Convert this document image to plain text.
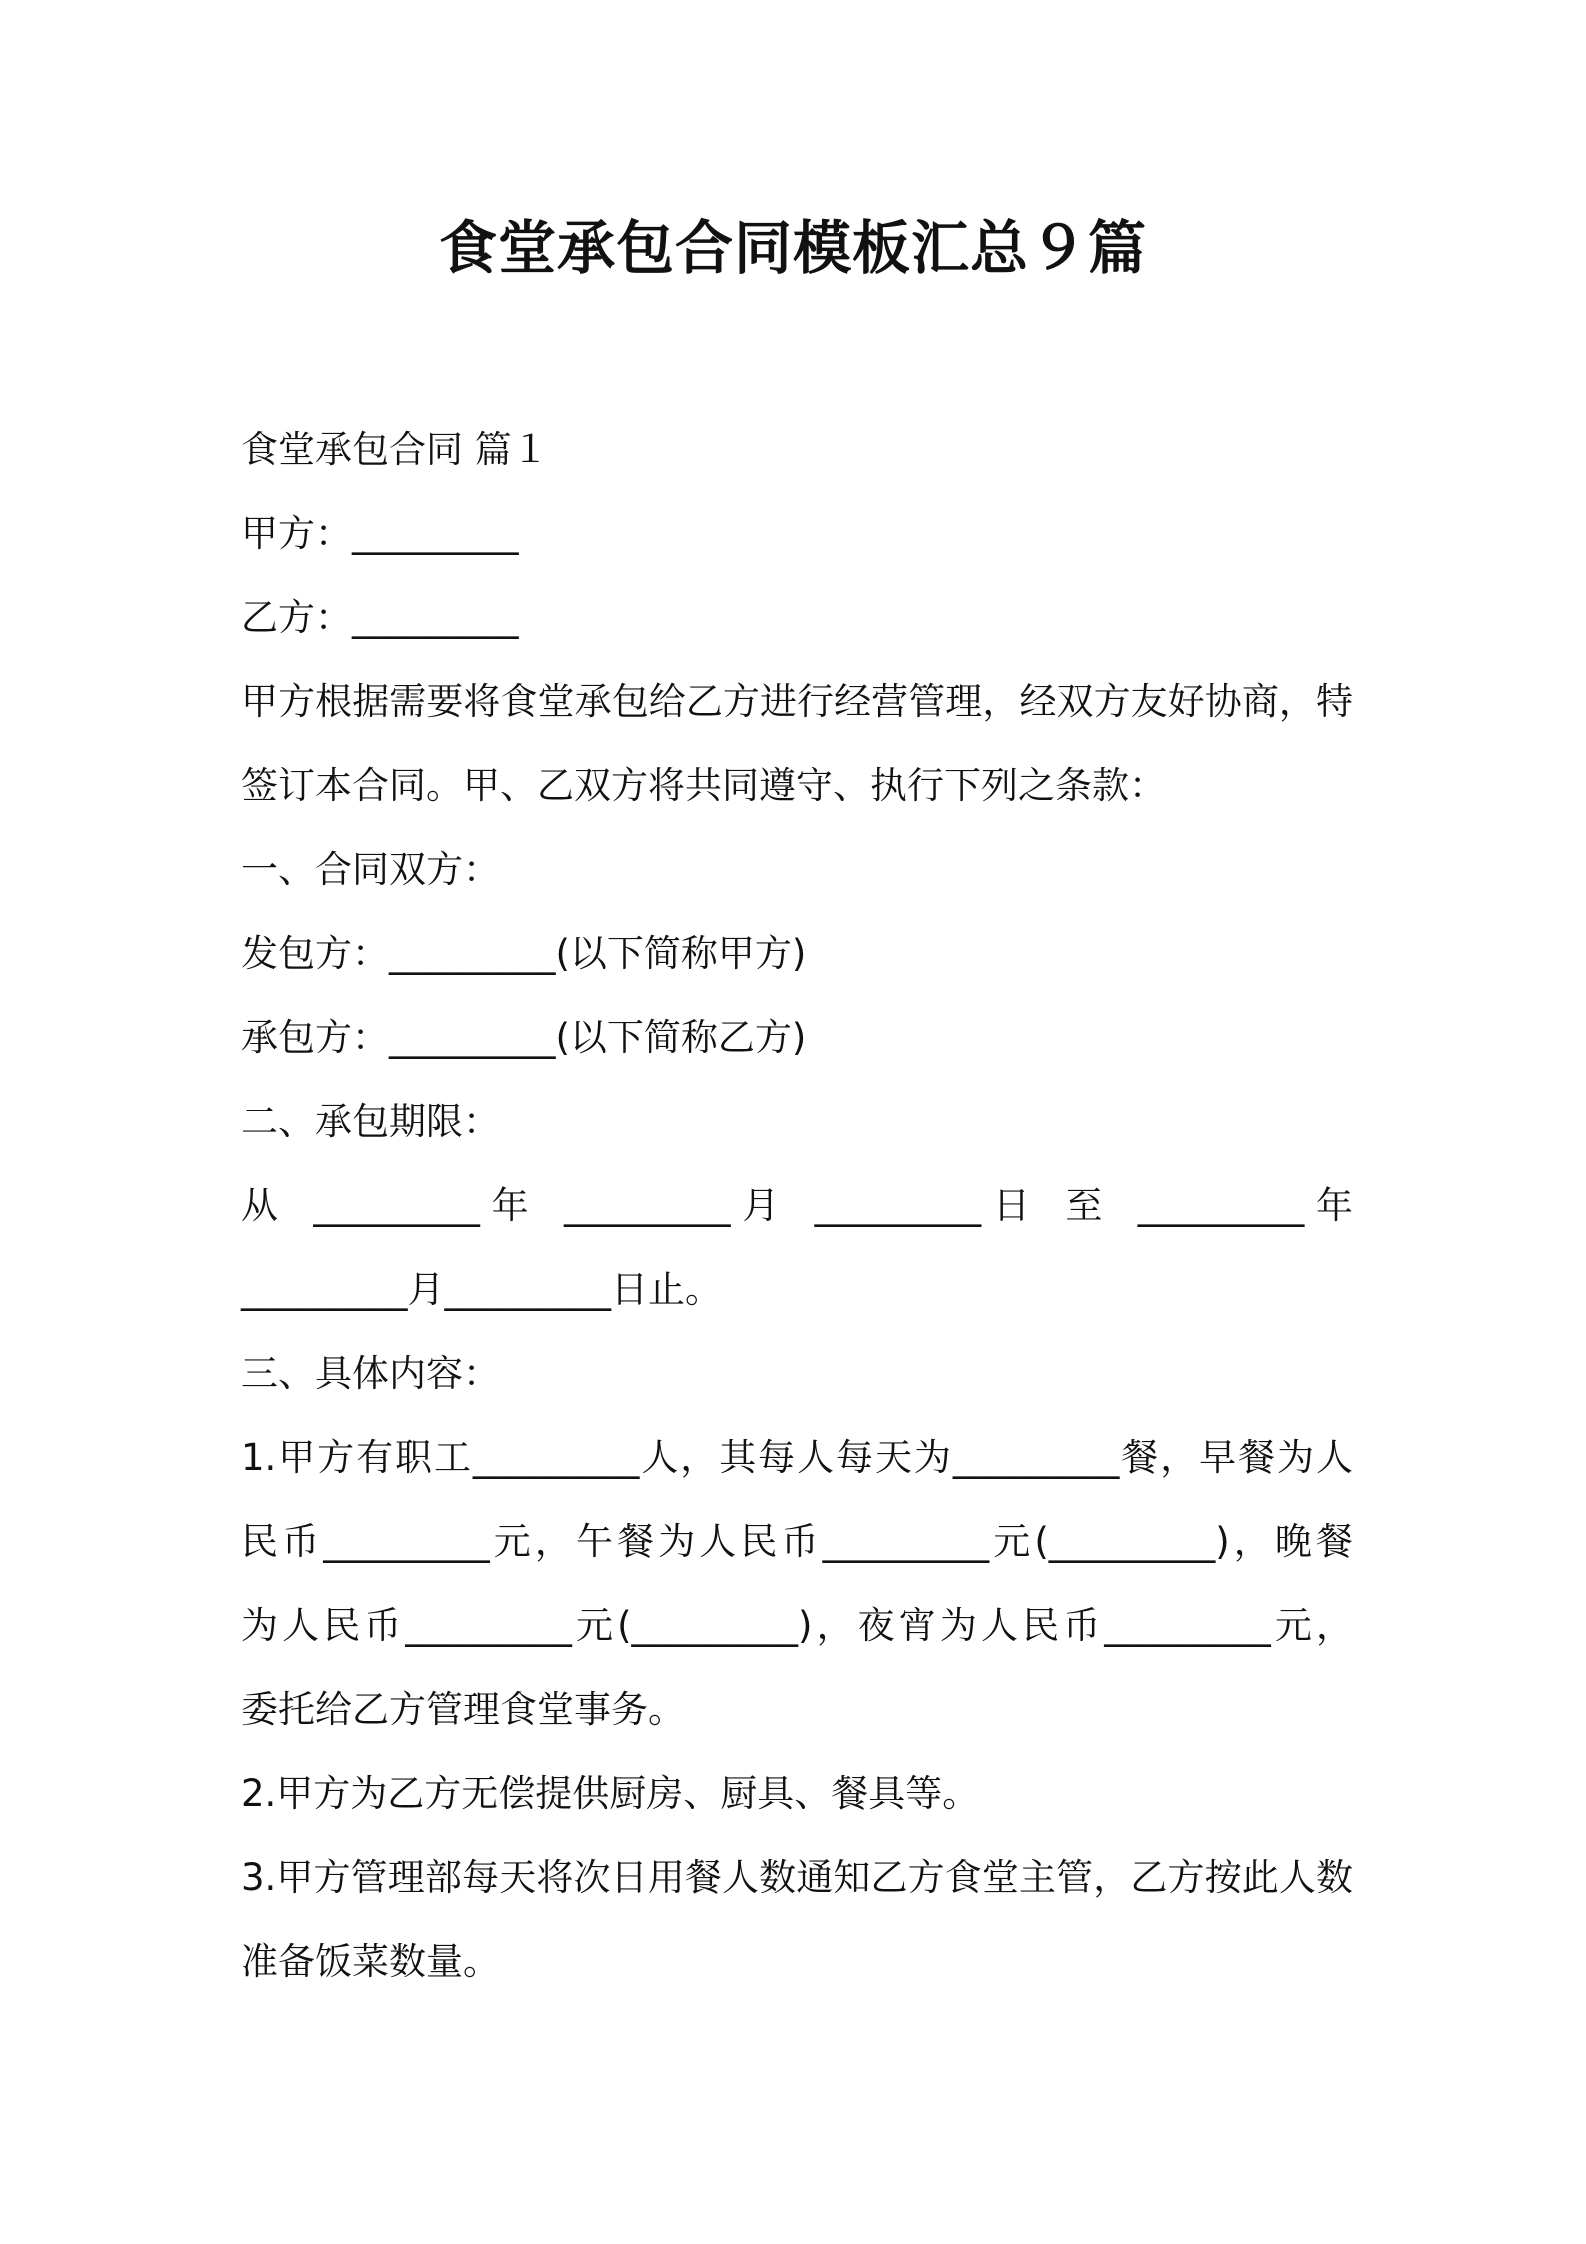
食堂承包合同模板汇总９篇

食堂承包合同 篇１

甲方：_________

乙方：_________

甲方根据需要将食堂承包给乙方进行经营管理，经双方友好协商，特

签订本合同。甲、乙双方将共同遵守、执行下列之条款：

一、合同双方：

发包方：_________(以下简称甲方)

承包方：_________(以下简称乙方)

二、承包期限：

从 _________年 _________月 _________日 至 _________年

_________月_________日止。

三、具体内容：

1.甲方有职工_________人，其每人每天为_________餐，早餐为人

民币_________元，午餐为人民币_________元(_________)，晚餐

为人民币_________元(_________)，夜宵为人民币_________元，

委托给乙方管理食堂事务。

2.甲方为乙方无偿提供厨房、厨具、餐具等。

3.甲方管理部每天将次日用餐人数通知乙方食堂主管，乙方按此人数

准备饭菜数量。
